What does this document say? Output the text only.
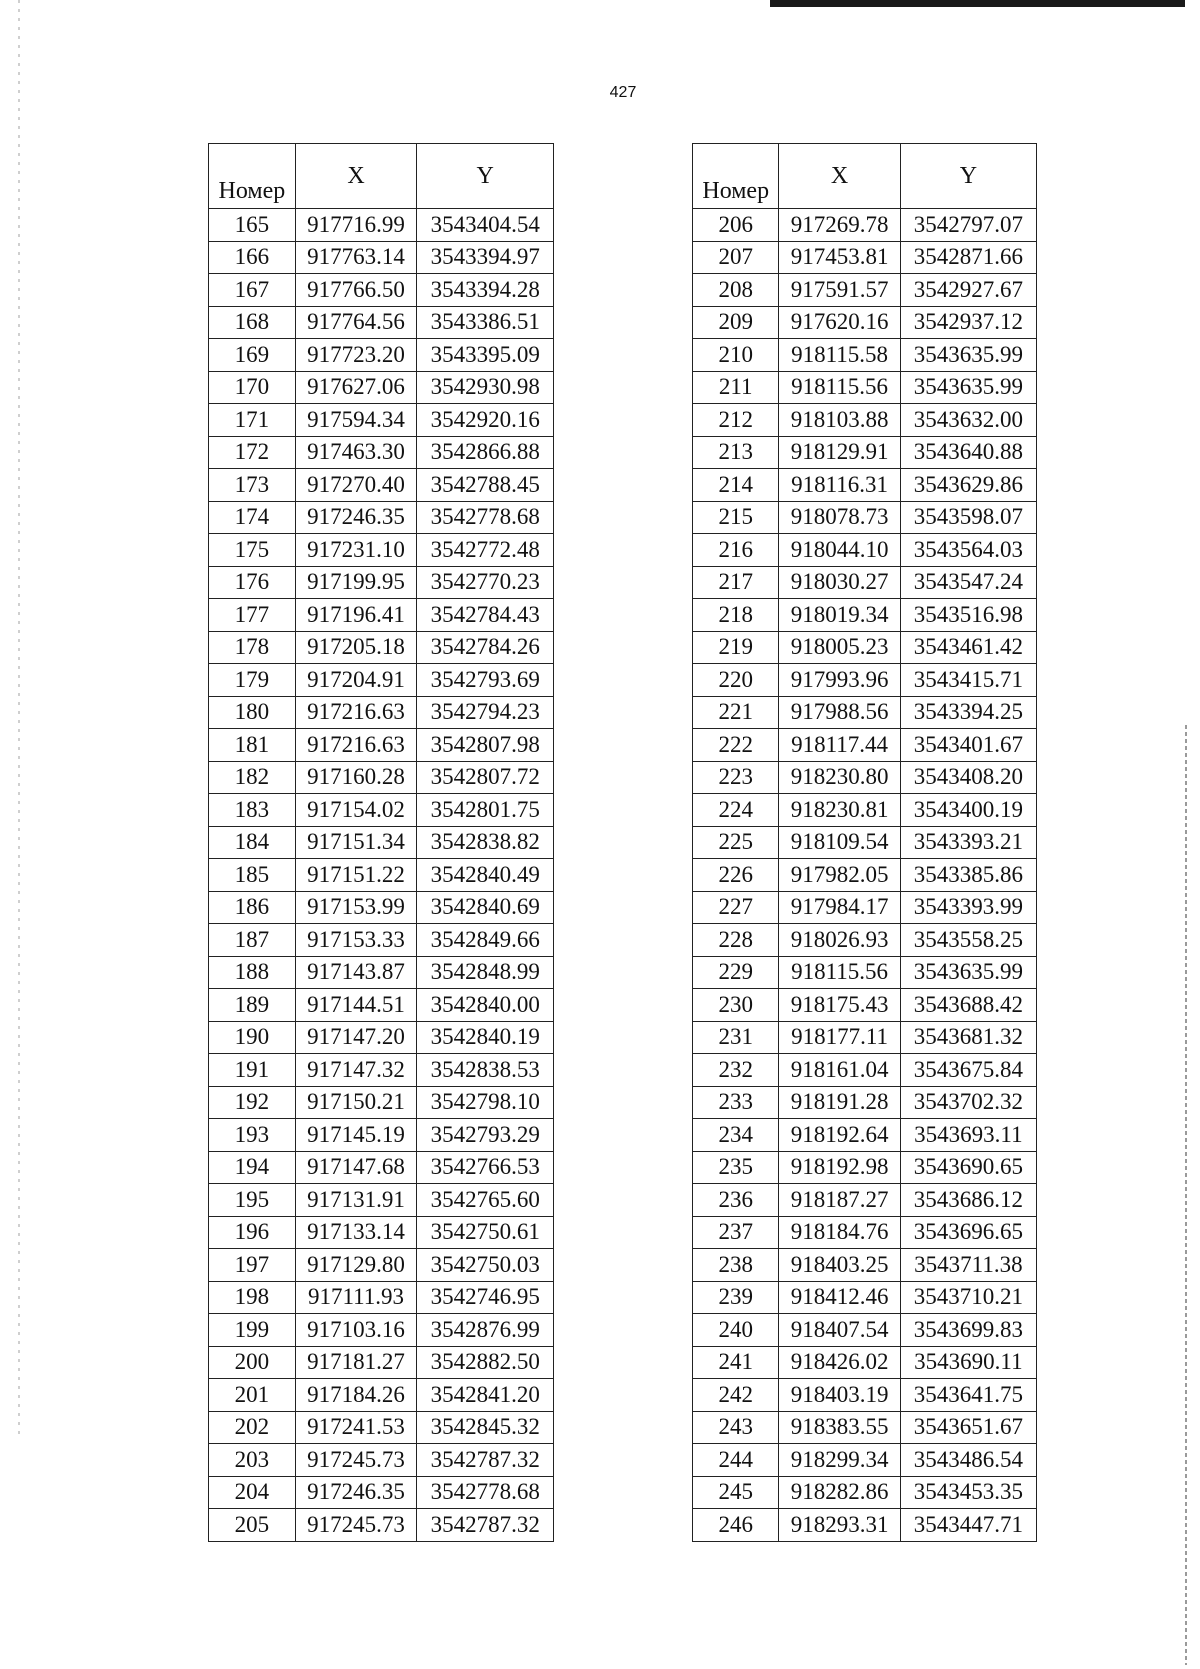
427
Номер	X	Y
165	917716.99	3543404.54
166	917763.14	3543394.97
167	917766.50	3543394.28
168	917764.56	3543386.51
169	917723.20	3543395.09
170	917627.06	3542930.98
171	917594.34	3542920.16
172	917463.30	3542866.88
173	917270.40	3542788.45
174	917246.35	3542778.68
175	917231.10	3542772.48
176	917199.95	3542770.23
177	917196.41	3542784.43
178	917205.18	3542784.26
179	917204.91	3542793.69
180	917216.63	3542794.23
181	917216.63	3542807.98
182	917160.28	3542807.72
183	917154.02	3542801.75
184	917151.34	3542838.82
185	917151.22	3542840.49
186	917153.99	3542840.69
187	917153.33	3542849.66
188	917143.87	3542848.99
189	917144.51	3542840.00
190	917147.20	3542840.19
191	917147.32	3542838.53
192	917150.21	3542798.10
193	917145.19	3542793.29
194	917147.68	3542766.53
195	917131.91	3542765.60
196	917133.14	3542750.61
197	917129.80	3542750.03
198	917111.93	3542746.95
199	917103.16	3542876.99
200	917181.27	3542882.50
201	917184.26	3542841.20
202	917241.53	3542845.32
203	917245.73	3542787.32
204	917246.35	3542778.68
205	917245.73	3542787.32
Номер	X	Y
206	917269.78	3542797.07
207	917453.81	3542871.66
208	917591.57	3542927.67
209	917620.16	3542937.12
210	918115.58	3543635.99
211	918115.56	3543635.99
212	918103.88	3543632.00
213	918129.91	3543640.88
214	918116.31	3543629.86
215	918078.73	3543598.07
216	918044.10	3543564.03
217	918030.27	3543547.24
218	918019.34	3543516.98
219	918005.23	3543461.42
220	917993.96	3543415.71
221	917988.56	3543394.25
222	918117.44	3543401.67
223	918230.80	3543408.20
224	918230.81	3543400.19
225	918109.54	3543393.21
226	917982.05	3543385.86
227	917984.17	3543393.99
228	918026.93	3543558.25
229	918115.56	3543635.99
230	918175.43	3543688.42
231	918177.11	3543681.32
232	918161.04	3543675.84
233	918191.28	3543702.32
234	918192.64	3543693.11
235	918192.98	3543690.65
236	918187.27	3543686.12
237	918184.76	3543696.65
238	918403.25	3543711.38
239	918412.46	3543710.21
240	918407.54	3543699.83
241	918426.02	3543690.11
242	918403.19	3543641.75
243	918383.55	3543651.67
244	918299.34	3543486.54
245	918282.86	3543453.35
246	918293.31	3543447.71
